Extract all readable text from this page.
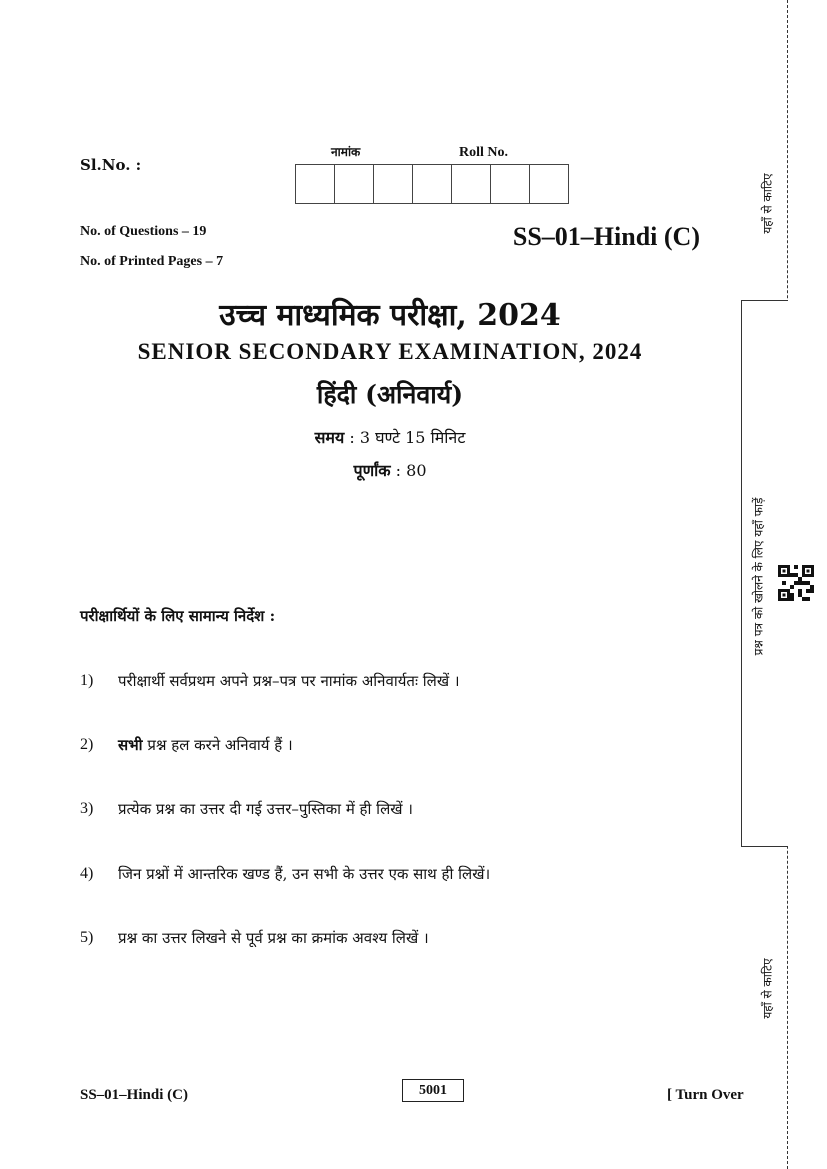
Sl.No. :
नामांक	Roll No.
No. of Questions – 19
No. of Printed Pages – 7
SS–01–Hindi (C)
उच्च माध्यमिक परीक्षा, 2024
SENIOR SECONDARY EXAMINATION, 2024
हिंदी (अनिवार्य)
समय : 3 घण्टे 15 मिनिट
पूर्णांक : 80
परीक्षार्थियों के लिए सामान्य निर्देश :
1) परीक्षार्थी सर्वप्रथम अपने प्रश्न–पत्र पर नामांक अनिवार्यतः लिखें ।
2) सभी प्रश्न हल करने अनिवार्य हैं ।
3) प्रत्येक प्रश्न का उत्तर दी गई उत्तर–पुस्तिका में ही लिखें ।
4) जिन प्रश्नों में आन्तरिक खण्ड हैं, उन सभी के उत्तर एक साथ ही लिखें।
5) प्रश्न का उत्तर लिखने से पूर्व प्रश्न का क्रमांक अवश्य लिखें ।
SS–01–Hindi (C)	5001	[ Turn Over
यहाँ से काटिए
प्रश्न पत्र को खोलने के लिए यहाँ फाड़ें
यहाँ से काटिए
